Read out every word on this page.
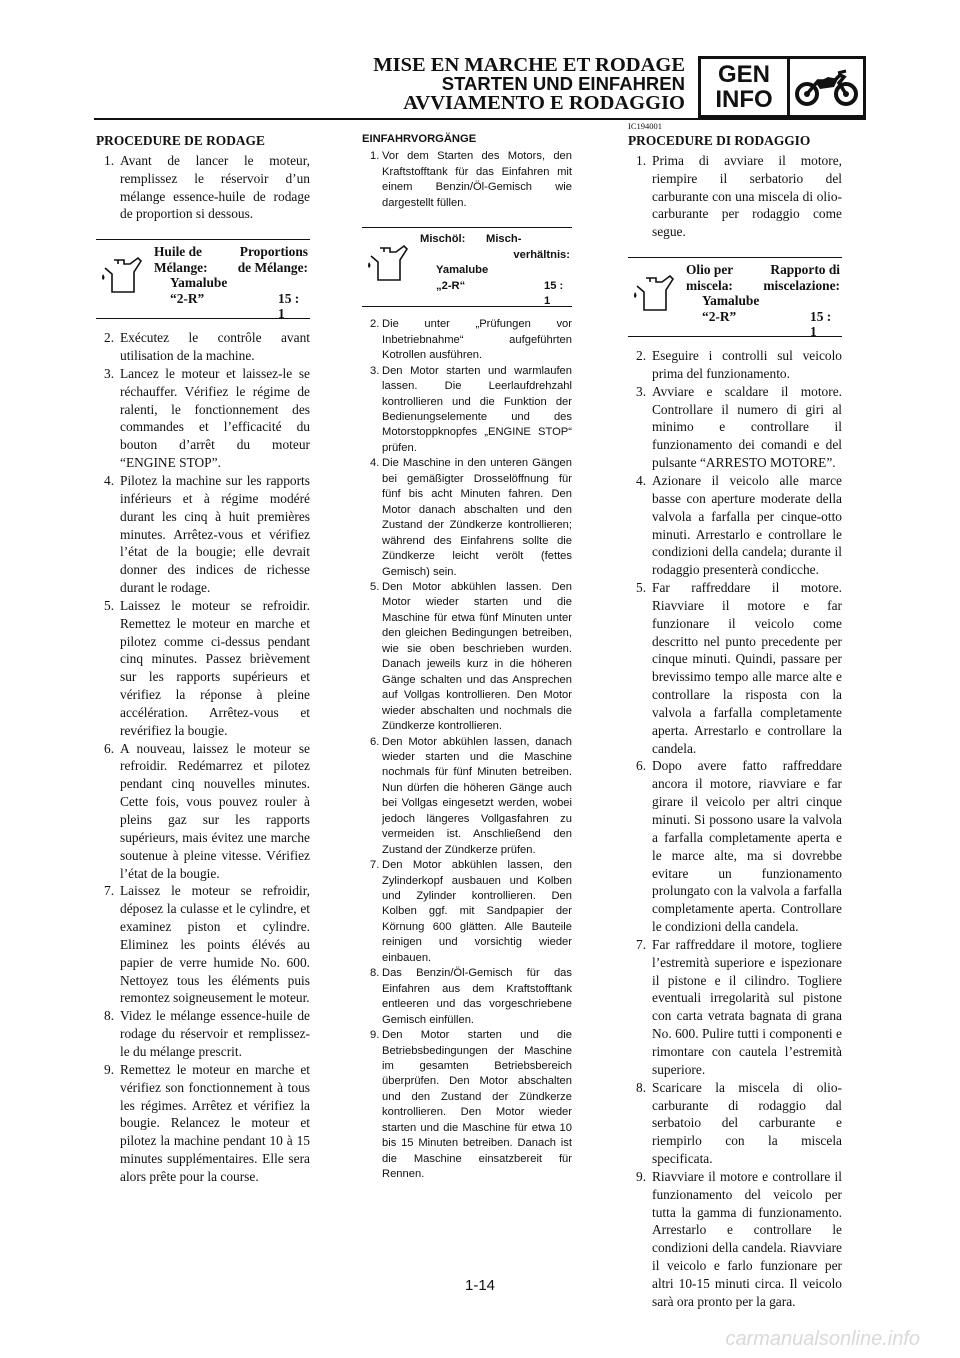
MISE EN MARCHE ET RODAGE
STARTEN UND EINFAHREN
AVVIAMENTO E RODAGGIO
GEN
INFO
IC194001
PROCEDURE DE RODAGE
1. Avant de lancer le moteur, remplissez le réservoir d’un mélange essence-huile de rodage de proportion si dessous.
Huile de	Proportions
Mélange:	de Mélange:
Yamalube
“2-R”	15 : 1
2. Exécutez le contrôle avant utilisation de la machine.
3. Lancez le moteur et laissez-le se réchauffer. Vérifiez le régime de ralenti, le fonctionnement des commandes et l’efficacité du bouton d’arrêt du moteur “ENGINE STOP”.
4. Pilotez la machine sur les rapports inférieurs et à régime modéré durant les cinq à huit premières minutes. Arrêtez-vous et vérifiez l’état de la bougie; elle devrait donner des indices de richesse durant le rodage.
5. Laissez le moteur se refroidir. Remettez le moteur en marche et pilotez comme ci-dessus pendant cinq minutes. Passez brièvement sur les rapports supérieurs et vérifiez la réponse à pleine accélération. Arrêtez-vous et revérifiez la bougie.
6. A nouveau, laissez le moteur se refroidir. Redémarrez et pilotez pendant cinq nouvelles minutes. Cette fois, vous pouvez rouler à pleins gaz sur les rapports supérieurs, mais évitez une marche soutenue à pleine vitesse. Vérifiez l’état de la bougie.
7. Laissez le moteur se refroidir, déposez la culasse et le cylindre, et examinez piston et cylindre. Eliminez les points élévés au papier de verre humide No. 600. Nettoyez tous les éléments puis remontez soigneusement le moteur.
8. Videz le mélange essence-huile de rodage du réservoir et remplissez-le du mélange prescrit.
9. Remettez le moteur en marche et vérifiez son fonctionnement à tous les régimes. Arrêtez et vérifiez la bougie. Relancez le moteur et pilotez la machine pendant 10 à 15 minutes supplémentaires. Elle sera alors prête pour la course.
EINFAHRVORGÄNGE
1. Vor dem Starten des Motors, den Kraftstofftank für das Einfahren mit einem Benzin/Öl-Gemisch wie dargestellt füllen.
Mischöl:	Misch-
verhältnis:
Yamalube
„2-R“	15 : 1
2. Die unter „Prüfungen vor Inbetriebnahme“ aufgeführten Kotrollen ausführen.
3. Den Motor starten und warmlaufen lassen. Die Leerlaufdrehzahl kontrollieren und die Funktion der Bedienungselemente und des Motorstoppknopfes „ENGINE STOP“ prüfen.
4. Die Maschine in den unteren Gängen bei gemäßigter Drosselöffnung für fünf bis acht Minuten fahren. Den Motor danach abschalten und den Zustand der Zündkerze kontrollieren; während des Einfahrens sollte die Zündkerze leicht verölt (fettes Gemisch) sein.
5. Den Motor abkühlen lassen. Den Motor wieder starten und die Maschine für etwa fünf Minuten unter den gleichen Bedingungen betreiben, wie sie oben beschrieben wurden. Danach jeweils kurz in die höheren Gänge schalten und das Ansprechen auf Vollgas kontrollieren. Den Motor wieder abschalten und nochmals die Zündkerze kontrollieren.
6. Den Motor abkühlen lassen, danach wieder starten und die Maschine nochmals für fünf Minuten betreiben. Nun dürfen die höheren Gänge auch bei Vollgas eingesetzt werden, wobei jedoch längeres Vollgasfahren zu vermeiden ist. Anschließend den Zustand der Zündkerze prüfen.
7. Den Motor abkühlen lassen, den Zylinderkopf ausbauen und Kolben und Zylinder kontrollieren. Den Kolben ggf. mit Sandpapier der Körnung 600 glätten. Alle Bauteile reinigen und vorsichtig wieder einbauen.
8. Das Benzin/Öl-Gemisch für das Einfahren aus dem Kraftstofftank entleeren und das vorgeschriebene Gemisch einfüllen.
9. Den Motor starten und die Betriebsbedingungen der Maschine im gesamten Betriebsbereich überprüfen. Den Motor abschalten und den Zustand der Zündkerze kontrollieren. Den Motor wieder starten und die Maschine für etwa 10 bis 15 Minuten betreiben. Danach ist die Maschine einsatzbereit für Rennen.
PROCEDURE DI RODAGGIO
1. Prima di avviare il motore, riempire il serbatorio del carburante con una miscela di olio-carburante per rodaggio come segue.
Olio per	Rapporto di
miscela:	miscelazione:
Yamalube
“2-R”	15 : 1
2. Eseguire i controlli sul veicolo prima del funzionamento.
3. Avviare e scaldare il motore. Controllare il numero di giri al minimo e controllare il funzionamento dei comandi e del pulsante “ARRESTO MOTORE”.
4. Azionare il veicolo alle marce basse con aperture moderate della valvola a farfalla per cinque-otto minuti. Arrestarlo e controllare le condizioni della candela; durante il rodaggio presenterà condicche.
5. Far raffreddare il motore. Riavviare il motore e far funzionare il veicolo come descritto nel punto precedente per cinque minuti. Quindi, passare per brevissimo tempo alle marce alte e controllare la risposta con la valvola a farfalla completamente aperta. Arrestarlo e controllare la candela.
6. Dopo avere fatto raffreddare ancora il motore, riavviare e far girare il veicolo per altri cinque minuti. Si possono usare la valvola a farfalla completamente aperta e le marce alte, ma si dovrebbe evitare un funzionamento prolungato con la valvola a farfalla completamente aperta. Controllare le condizioni della candela.
7. Far raffreddare il motore, togliere l’estremità superiore e ispezionare il pistone e il cilindro. Togliere eventuali irregolarità sul pistone con carta vetrata bagnata di grana No. 600. Pulire tutti i componenti e rimontare con cautela l’estremità superiore.
8. Scaricare la miscela di olio-carburante di rodaggio dal serbatoio del carburante e riempirlo con la miscela specificata.
9. Riavviare il motore e controllare il funzionamento del veicolo per tutta la gamma di funzionamento. Arrestarlo e controllare le condizioni della candela. Riavviare il veicolo e farlo funzionare per altri 10-15 minuti circa. Il veicolo sarà ora pronto per la gara.
1-14
carmanualsonline.info
